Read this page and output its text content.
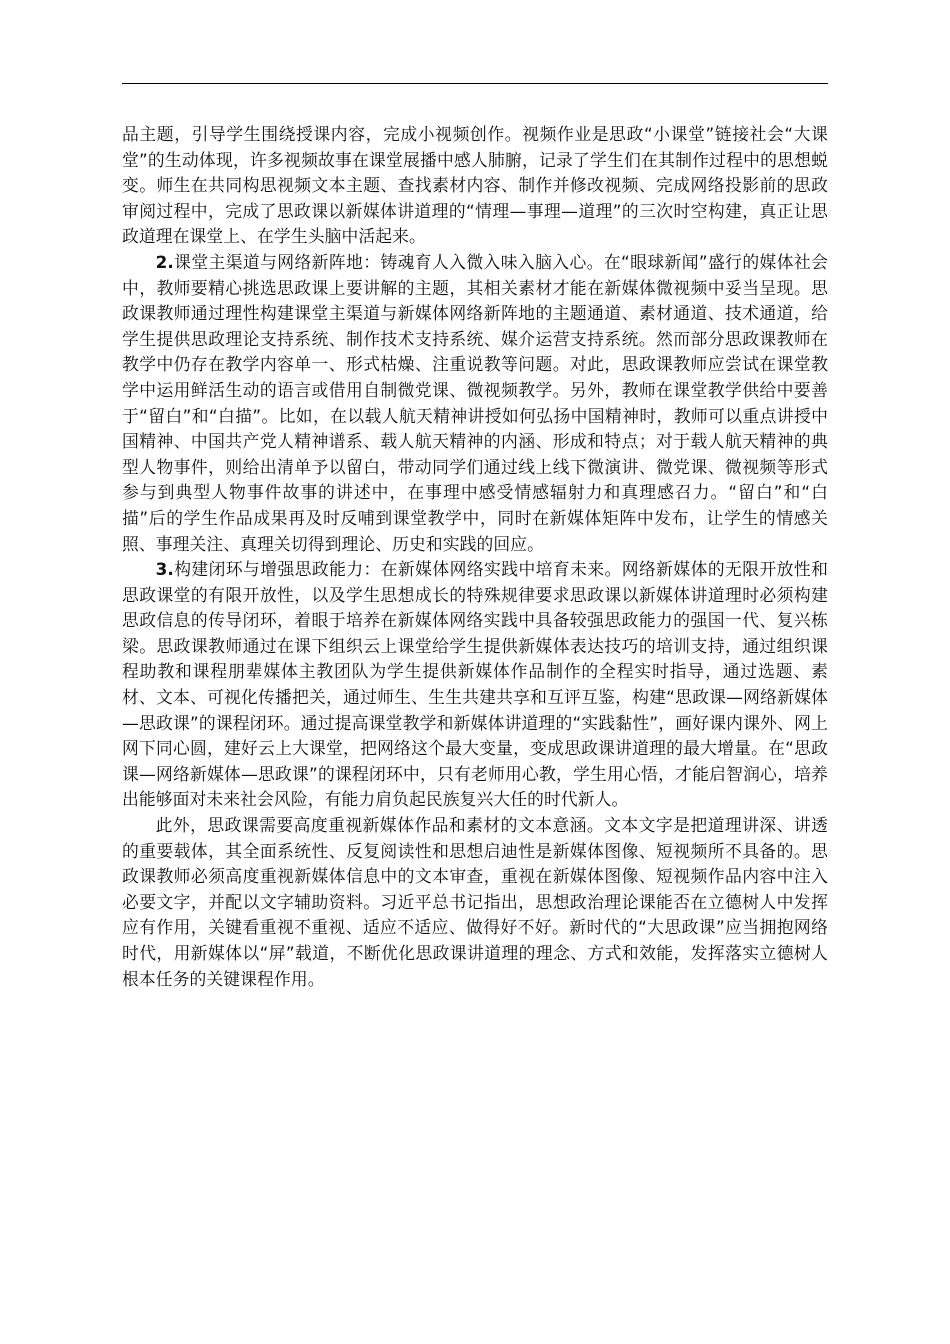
品主题，引导学生围绕授课内容，完成小视频创作。视频作业是思政“小课堂”链接社会“大课堂”的生动体现，许多视频故事在课堂展播中感人肺腑，记录了学生们在其制作过程中的思想蜕变。师生在共同构思视频文本主题、查找素材内容、制作并修改视频、完成网络投影前的思政审阅过程中，完成了思政课以新媒体讲道理的“情理—事理—道理”的三次时空构建，真正让思政道理在课堂上、在学生头脑中活起来。

2.课堂主渠道与网络新阵地：铸魂育人入微入味入脑入心。在“眼球新闻”盛行的媒体社会中，教师要精心挑选思政课上要讲解的主题，其相关素材才能在新媒体微视频中妥当呈现。思政课教师通过理性构建课堂主渠道与新媒体网络新阵地的主题通道、素材通道、技术通道，给学生提供思政理论支持系统、制作技术支持系统、媒介运营支持系统。然而部分思政课教师在教学中仍存在教学内容单一、形式枯燥、注重说教等问题。对此，思政课教师应尝试在课堂教学中运用鲜活生动的语言或借用自制微党课、微视频教学。另外，教师在课堂教学供给中要善于“留白”和“白描”。比如，在以载人航天精神讲授如何弘扬中国精神时，教师可以重点讲授中国精神、中国共产党人精神谱系、载人航天精神的内涵、形成和特点；对于载人航天精神的典型人物事件，则给出清单予以留白，带动同学们通过线上线下微演讲、微党课、微视频等形式参与到典型人物事件故事的讲述中，在事理中感受情感辐射力和真理感召力。“留白”和“白描”后的学生作品成果再及时反哺到课堂教学中，同时在新媒体矩阵中发布，让学生的情感关照、事理关注、真理关切得到理论、历史和实践的回应。

3.构建闭环与增强思政能力：在新媒体网络实践中培育未来。网络新媒体的无限开放性和思政课堂的有限开放性，以及学生思想成长的特殊规律要求思政课以新媒体讲道理时必须构建思政信息的传导闭环，着眼于培养在新媒体网络实践中具备较强思政能力的强国一代、复兴栋梁。思政课教师通过在课下组织云上课堂给学生提供新媒体表达技巧的培训支持，通过组织课程助教和课程朋辈媒体主教团队为学生提供新媒体作品制作的全程实时指导，通过选题、素材、文本、可视化传播把关，通过师生、生生共建共享和互评互鉴，构建“思政课—网络新媒体—思政课”的课程闭环。通过提高课堂教学和新媒体讲道理的“实践黏性”，画好课内课外、网上网下同心圆，建好云上大课堂，把网络这个最大变量，变成思政课讲道理的最大增量。在“思政课—网络新媒体—思政课”的课程闭环中，只有老师用心教，学生用心悟，才能启智润心，培养出能够面对未来社会风险，有能力肩负起民族复兴大任的时代新人。

此外，思政课需要高度重视新媒体作品和素材的文本意涵。文本文字是把道理讲深、讲透的重要载体，其全面系统性、反复阅读性和思想启迪性是新媒体图像、短视频所不具备的。思政课教师必须高度重视新媒体信息中的文本审查，重视在新媒体图像、短视频作品内容中注入必要文字，并配以文字辅助资料。习近平总书记指出，思想政治理论课能否在立德树人中发挥应有作用，关键看重视不重视、适应不适应、做得好不好。新时代的“大思政课”应当拥抱网络时代，用新媒体以“屏”载道，不断优化思政课讲道理的理念、方式和效能，发挥落实立德树人根本任务的关键课程作用。
